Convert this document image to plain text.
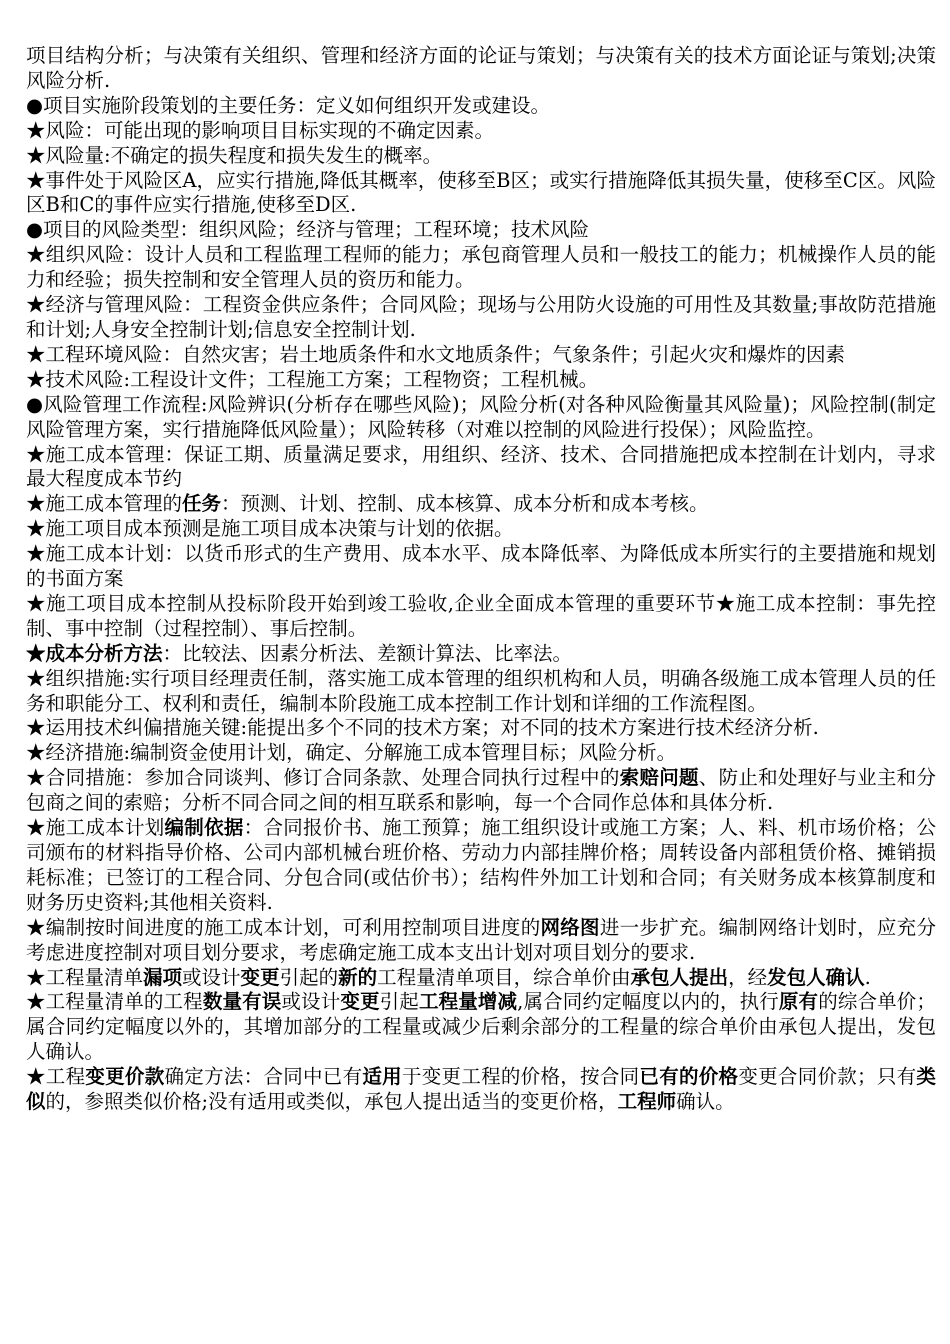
项目结构分析；与决策有关组织、管理和经济方面的论证与策划；与决策有关的技术方面论证与策划;决策风险分析.

●项目实施阶段策划的主要任务：定义如何组织开发或建设。

★风险：可能出现的影响项目目标实现的不确定因素。

★风险量:不确定的损失程度和损失发生的概率。

★事件处于风险区A，应实行措施,降低其概率，使移至B区；或实行措施降低其损失量，使移至C区。风险区B和C的事件应实行措施,使移至D区.

●项目的风险类型：组织风险；经济与管理；工程环境；技术风险

★组织风险：设计人员和工程监理工程师的能力；承包商管理人员和一般技工的能力；机械操作人员的能力和经验；损失控制和安全管理人员的资历和能力。

★经济与管理风险：工程资金供应条件；合同风险；现场与公用防火设施的可用性及其数量;事故防范措施和计划;人身安全控制计划;信息安全控制计划.

★工程环境风险：自然灾害；岩土地质条件和水文地质条件；气象条件；引起火灾和爆炸的因素

★技术风险:工程设计文件；工程施工方案；工程物资；工程机械。

●风险管理工作流程:风险辨识(分析存在哪些风险)；风险分析(对各种风险衡量其风险量)；风险控制(制定风险管理方案，实行措施降低风险量）；风险转移（对难以控制的风险进行投保）；风险监控。

★施工成本管理：保证工期、质量满足要求，用组织、经济、技术、合同措施把成本控制在计划内，寻求最大程度成本节约

★施工成本管理的任务：预测、计划、控制、成本核算、成本分析和成本考核。

★施工项目成本预测是施工项目成本决策与计划的依据。

★施工成本计划：以货币形式的生产费用、成本水平、成本降低率、为降低成本所实行的主要措施和规划的书面方案

★施工项目成本控制从投标阶段开始到竣工验收,企业全面成本管理的重要环节★施工成本控制：事先控制、事中控制（过程控制）、事后控制。

★成本分析方法：比较法、因素分析法、差额计算法、比率法。

★组织措施:实行项目经理责任制，落实施工成本管理的组织机构和人员，明确各级施工成本管理人员的任务和职能分工、权利和责任，编制本阶段施工成本控制工作计划和详细的工作流程图。

★运用技术纠偏措施关键:能提出多个不同的技术方案；对不同的技术方案进行技术经济分析.

★经济措施:编制资金使用计划，确定、分解施工成本管理目标；风险分析。

★合同措施：参加合同谈判、修订合同条款、处理合同执行过程中的索赔问题、防止和处理好与业主和分包商之间的索赔；分析不同合同之间的相互联系和影响，每一个合同作总体和具体分析.

★施工成本计划编制依据：合同报价书、施工预算；施工组织设计或施工方案；人、料、机市场价格；公司颁布的材料指导价格、公司内部机械台班价格、劳动力内部挂牌价格；周转设备内部租赁价格、摊销损耗标准；已签订的工程合同、分包合同(或估价书）；结构件外加工计划和合同；有关财务成本核算制度和财务历史资料;其他相关资料.

★编制按时间进度的施工成本计划，可利用控制项目进度的网络图进一步扩充。编制网络计划时，应充分考虑进度控制对项目划分要求，考虑确定施工成本支出计划对项目划分的要求.

★工程量清单漏项或设计变更引起的新的工程量清单项目，综合单价由承包人提出，经发包人确认.

★工程量清单的工程数量有误或设计变更引起工程量增减,属合同约定幅度以内的，执行原有的综合单价；属合同约定幅度以外的，其增加部分的工程量或减少后剩余部分的工程量的综合单价由承包人提出，发包人确认。

★工程变更价款确定方法：合同中已有适用于变更工程的价格，按合同已有的价格变更合同价款；只有类似的，参照类似价格;没有适用或类似，承包人提出适当的变更价格，工程师确认。
